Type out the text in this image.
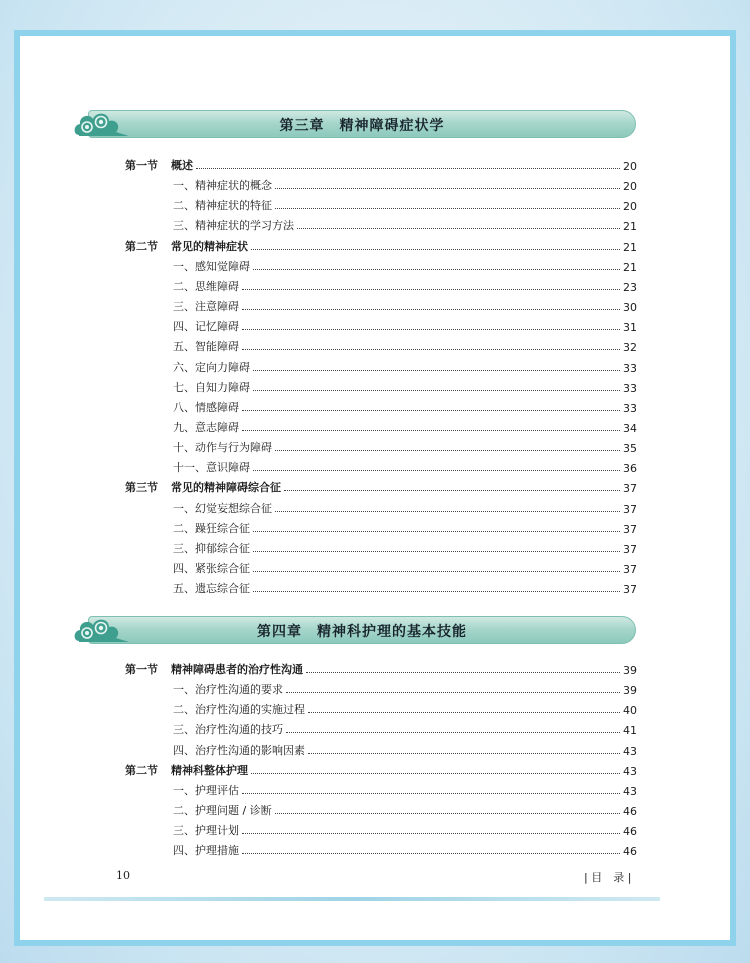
第三章　精神障碍症状学
第一节	概述	20
一、精神症状的概念	20
二、精神症状的特征	20
三、精神症状的学习方法	21
第二节	常见的精神症状	21
一、感知觉障碍	21
二、思维障碍	23
三、注意障碍	30
四、记忆障碍	31
五、智能障碍	32
六、定向力障碍	33
七、自知力障碍	33
八、情感障碍	33
九、意志障碍	34
十、动作与行为障碍	35
十一、意识障碍	36
第三节	常见的精神障碍综合征	37
一、幻觉妄想综合征	37
二、躁狂综合征	37
三、抑郁综合征	37
四、紧张综合征	37
五、遗忘综合征	37
第四章　精神科护理的基本技能
第一节	精神障碍患者的治疗性沟通	39
一、治疗性沟通的要求	39
二、治疗性沟通的实施过程	40
三、治疗性沟通的技巧	41
四、治疗性沟通的影响因素	43
第二节	精神科整体护理	43
一、护理评估	43
二、护理问题 / 诊断	46
三、护理计划	46
四、护理措施	46
10	| 目　录 |
